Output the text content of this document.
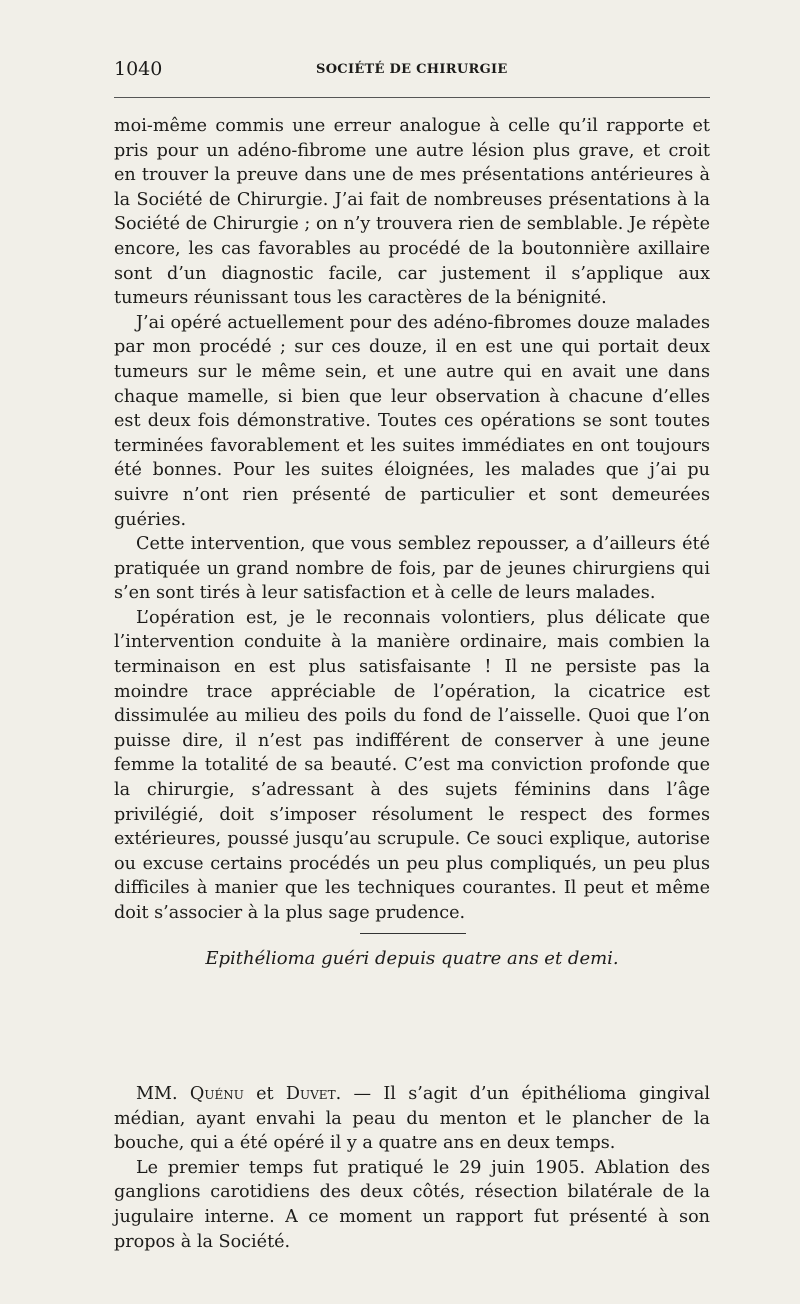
1040	SOCIÉTÉ DE CHIRURGIE

moi-même commis une erreur analogue à celle qu’il rapporte et pris pour un adéno-fibrome une autre lésion plus grave, et croit en trouver la preuve dans une de mes présentations antérieures à la Société de Chirurgie. J’ai fait de nombreuses présentations à la Société de Chirurgie ; on n’y trouvera rien de semblable. Je répète encore, les cas favorables au procédé de la boutonnière axillaire sont d’un diagnostic facile, car justement il s’applique aux tumeurs réunissant tous les caractères de la bénignité.

J’ai opéré actuellement pour des adéno-fibromes douze malades par mon procédé ; sur ces douze, il en est une qui portait deux tumeurs sur le même sein, et une autre qui en avait une dans chaque mamelle, si bien que leur observation à chacune d’elles est deux fois démonstrative. Toutes ces opérations se sont toutes terminées favorablement et les suites immédiates en ont toujours été bonnes. Pour les suites éloignées, les malades que j’ai pu suivre n’ont rien présenté de particulier et sont demeurées guéries.

Cette intervention, que vous semblez repousser, a d’ailleurs été pratiquée un grand nombre de fois, par de jeunes chirurgiens qui s’en sont tirés à leur satisfaction et à celle de leurs malades.

L’opération est, je le reconnais volontiers, plus délicate que l’intervention conduite à la manière ordinaire, mais combien la terminaison en est plus satisfaisante ! Il ne persiste pas la moindre trace appréciable de l’opération, la cicatrice est dissimulée au milieu des poils du fond de l’aisselle. Quoi que l’on puisse dire, il n’est pas indifférent de conserver à une jeune femme la totalité de sa beauté. C’est ma conviction profonde que la chirurgie, s’adressant à des sujets féminins dans l’âge privilégié, doit s’imposer résolument le respect des formes extérieures, poussé jusqu’au scrupule. Ce souci explique, autorise ou excuse certains procédés un peu plus compliqués, un peu plus difficiles à manier que les techniques courantes. Il peut et même doit s’associer à la plus sage prudence.

Epithélioma guéri depuis quatre ans et demi.

MM. Quénu et Duvet. — Il s’agit d’un épithélioma gingival médian, ayant envahi la peau du menton et le plancher de la bouche, qui a été opéré il y a quatre ans en deux temps.

Le premier temps fut pratiqué le 29 juin 1905. Ablation des ganglions carotidiens des deux côtés, résection bilatérale de la jugulaire interne. A ce moment un rapport fut présenté à son propos à la Société.
